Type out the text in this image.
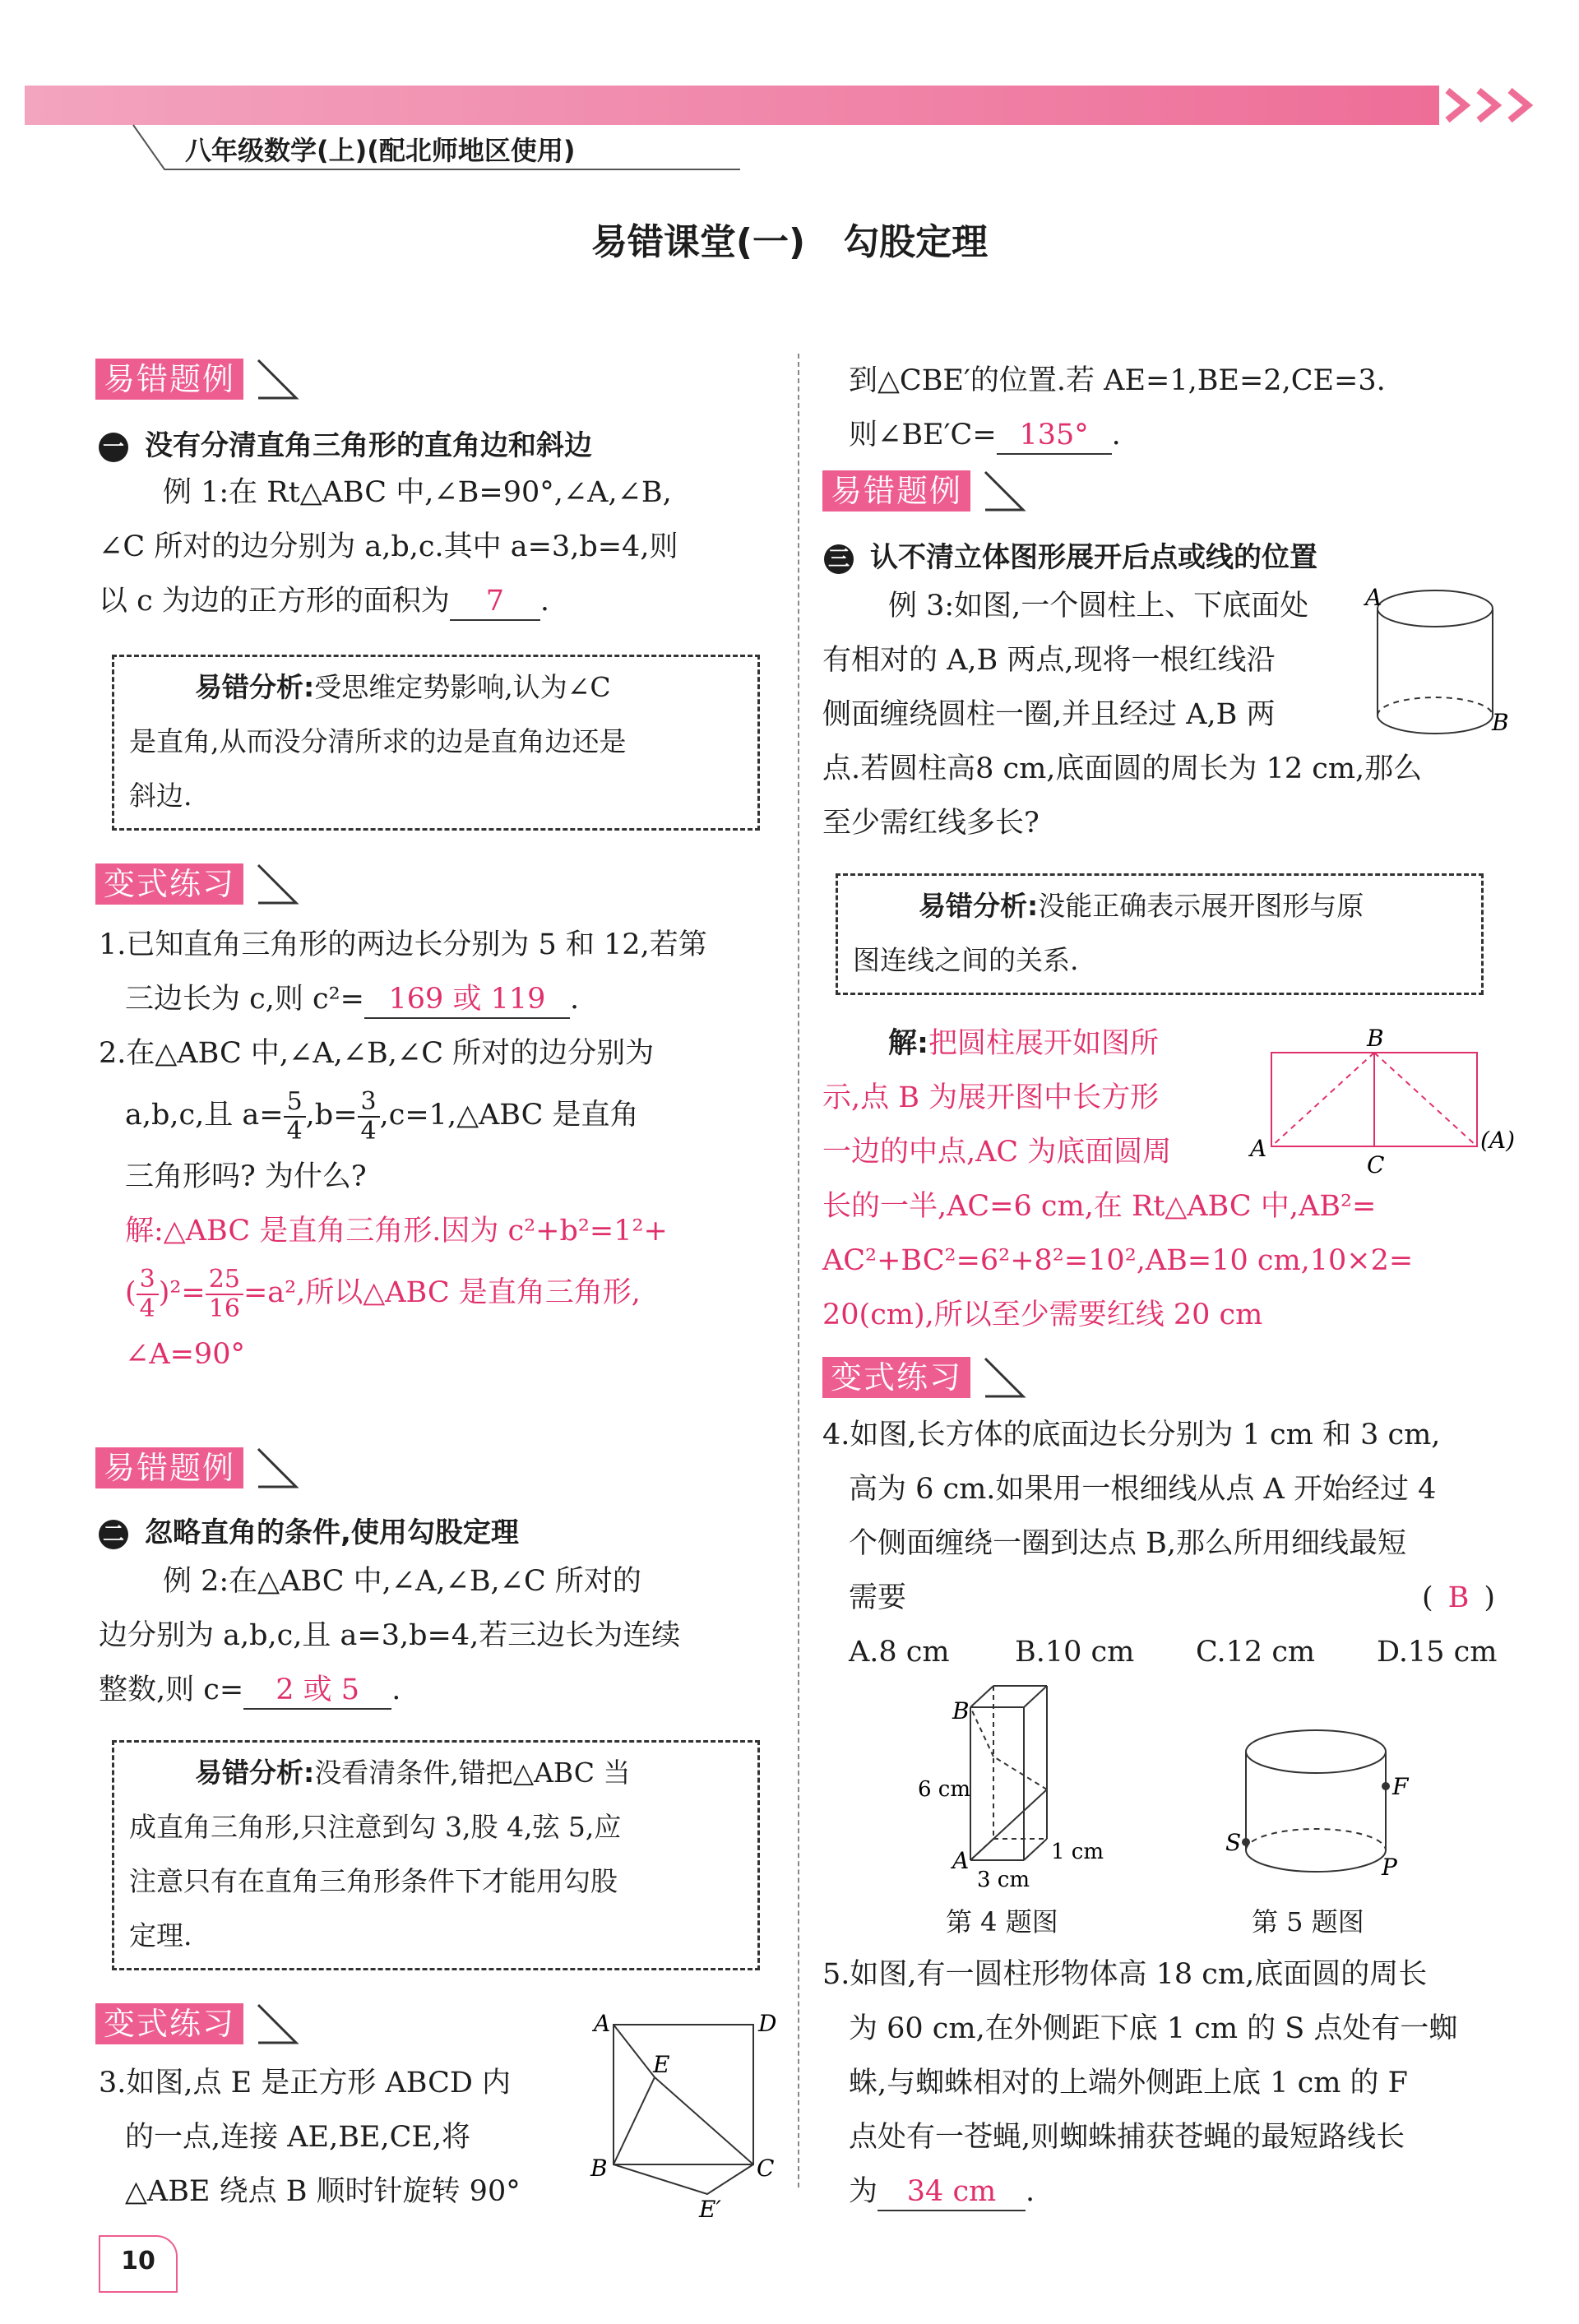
八年级数学(上)(配北师地区使用)
易错课堂(一)   勾股定理
易错题例
一 没有分清直角三角形的直角边和斜边
例 1:在 Rt△ABC 中,∠B=90°,∠A,∠B,
∠C 所对的边分别为 a,b,c.其中 a=3,b=4,则
以 c 为边的正方形的面积为 7 .
易错分析:受思维定势影响,认为∠C
是直角,从而没分清所求的边是直角边还是
斜边.
变式练习
1.已知直角三角形的两边长分别为 5 和 12,若第
三边长为 c,则 c²= 169 或 119 .
2.在△ABC 中,∠A,∠B,∠C 所对的边分别为
a,b,c,且 $a= \frac{5}{4} ,b= \frac{3}{4}$ ,c=1,△ABC 是直角
三角形吗? 为什么?
解:△ABC 是直角三角形.因为 c²+b²=1²+
( $\frac{3}{4} )^2= \frac{25}{16} =a^2$,所以△ABC 是直角三角形,
∠A=90°
易错题例
二 忽略直角的条件,使用勾股定理
例 2:在△ABC 中,∠A,∠B,∠C 所对的
边分别为 a,b,c,且 a=3,b=4,若三边长为连续
整数,则 c= 2 或 5 .
易错分析:没看清条件,错把△ABC 当
成直角三角形,只注意到勾 3,股 4,弦 5,应
注意只有在直角三角形条件下才能用勾股
定理.
变式练习
3.如图,点 E 是正方形 ABCD 内
的一点,连接 AE,BE,CE,将
△ABE 绕点 B 顺时针旋转 90°
A	D
E
B	C
E′
10
到△CBE′的位置.若 AE=1,BE=2,CE=3.
则∠BE′C= 135° .
易错题例
三 认不清立体图形展开后点或线的位置
例 3:如图,一个圆柱上、下底面处
有相对的 A,B 两点,现将一根红线沿
侧面缠绕圆柱一圈,并且经过 A,B 两
点.若圆柱高8 cm,底面圆的周长为 12 cm,那么
至少需红线多长?
A
B
易错分析:没能正确表示展开图形与原
图连线之间的关系.
解:把圆柱展开如图所
示,点 B 为展开图中长方形
一边的中点,AC 为底面圆周
长的一半,AC=6 cm,在 Rt△ABC 中,AB²=
AC²+BC²=6²+8²=10²,AB=10 cm,10×2=
20(cm),所以至少需要红线 20 cm
B
A
C
(A)
变式练习
4.如图,长方体的底面边长分别为 1 cm 和 3 cm,
高为 6 cm.如果用一根细线从点 A 开始经过 4
个侧面缠绕一圈到达点 B,那么所用细线最短
需要	( B )
A.8 cm B.10 cm C.12 cm D.15 cm
B
A
6 cm
3 cm
1 cm
第 4 题图
F
S
P
第 5 题图
5.如图,有一圆柱形物体高 18 cm,底面圆的周长
为 60 cm,在外侧距下底 1 cm 的 S 点处有一蜘
蛛,与蜘蛛相对的上端外侧距上底 1 cm 的 F
点处有一苍蝇,则蜘蛛捕获苍蝇的最短路线长
为 34 cm .
